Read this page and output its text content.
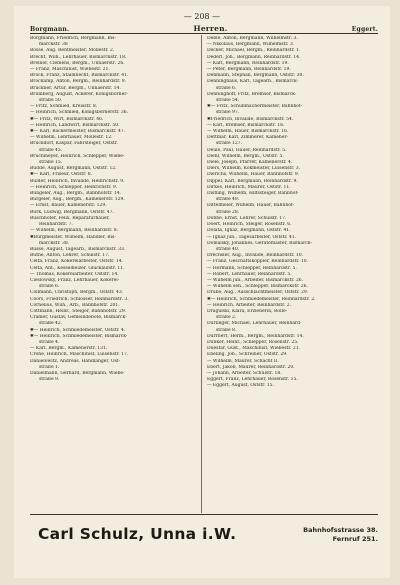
— 208 —
Borgmann.	Herren.	Eggert.
Borgmann, Friedrich, Bergmann, Bis-
marckstr. 38
Bosse, Aug. Rentmeister, Mollestr. 2.
Brecht, Wilh., Lehrhauer, Bismarckstr. 18.
Breiner, Clemens, Bergm., Unnaerstr. 26.
— Franz, Maschinist, Wiebestr. 21.
Brock, Franz, Stallknecht, Bismarckstr. 41.
Brockamp, Anton, Bergm., Reinhardstr. 9.
Brückner, Artur, Bergm., Unnaerstr. 14.
Brumberg, August, Ackerer, Königsborner-
straße 50.
— Fritz, Schmied, Kreisstr. 8.
— Heinrich, Schmied, Königsbornerstr. 36.
✱— Fritz, Wirt, Bismarckstr. 46.
— Heinrich, Landwirt, Bismarckstr. 50.
✱— Karl, Bäckermeister, Bismarckstr. 47.
— Wilhelm, Lehrhauer, Mollestr. 12.
Bruckdorf, Kaspar, Fahrsteiger, Oststr.
straße 45.
Bruchmeyer, Heinrich, Schlepper, Wiebe-
straße 15.
Budde, August, Bergmann, Oststr. 12.
✱— Karl, Friseur, Oststr. 8.
Bülder, Heinrich, Invalide, Heinrichstr. 9.
— Heinrich, Schlepper, Heinrichstr. 9.
Büngeler, Aug., Bergm., Bahnhofstr. 14.
Bürgeler, Aug., Bergm., Kamenerstr. 129.
— Ernst, Bauer, Kamenerstr. 129.
Burk, Ludwig, Bergmann, Oststr. 47.
Buschhöfer, Felix, Reparaturhauer,
Reinhardstr. 7.
— Wilhelm, Bergmann, Reinhardstr. 8.
✱Burgmeister, Wilhelm, Händler, Bis-
marckstr. 38.
Busse, August, Tagearb., Bismarckstr. 33.
Buthe, Anton, Lehrer, Schulstr. 17.
Celta, Franz, Kokereiarbeiter, Oststr. 14.
Celta, Ant., Kesselheizer, Glückaufstr. 11.
— Thomas, Kokereiarbeiter, Oststr. 14.
Cieslowsky, Franz, Lehrhauer, Kokerei-
straße 6.
Collmann, Christoph, Bergm., Oststr. 43.
Coors, Friedrich, Schlosser, Reinhardstr. 3.
Cornelius, Wilh., Arb., Bahnhofstr. 201.
Cottmann, Heinr., Steiger, Bahnhofstr. 29.
Cramer, Gustav, Gemeindebote, Bismarck-
straße 42.
✱— Heinrich, Schmiedemeister, Oststr. 4.
✱— Heinrich, Schmiedemeister, Bismarck-
straße 4.
— Karl, Bergm., Kamenerstr. 131.
Crone, Heinrich, Maschinist, Luisenstr. 17.
Danielowitz, Andreas, Handlanger, Ost-
straße 1.
Danielmann, Gerhard, Bergmann, Wiebe-
straße 9.
Deble, Anton, Bergmann, Wilhelmstr. 3.
— Nikolaus, Bergmann, Wilhelmstr. 3.
Decker, Michael, Bergm., Reinhardstr. 1.
Dederl, Joh., Bergmann, Reinhardstr. 14.
— Karl, Bergmann, Reinhardstr. 19.
— Peter, Bergmann, Reinhardstr. 19.
Dehmann, Stephan, Bergmann, Oststr. 30.
Denninghaus, Karl, Tagearb., Bismarck-
straße 6.
Denninghoff, Fritz, Bremser, Bismarck-
straße 54.
✱— Fritz, Schuhmachermeister, Bahnhof-
straße 97.
✱Friedrich, Invalide, Bismarckstr. 54.
— Karl, Bremser, Bismarckstr. 16.
— Wilhelm, Hauer, Bismarckstr. 16.
Dettmar, Karl, Zimmerer, Kamener-
straße 127.
Deule, Paul, Hauer, Reinhardstr. 5.
Diehl, Wilhelm, Bergm., Oststr. 5.
Diele, Joseph, Pfarrer, Kamenerstr. 4.
Diers, Wilhelm, Kokmeister, Luisenstr. 3.
Dierichs, Wilhelm, Hauer, Bahnhofstr. 9.
Dippel, Karl, Bergmann, Reinhardstr. 9.
Dirkes, Heinrich, Maurer, Oststr. 11.
Disfling, Wilhelm, Hilfssteiger, Bahnhof-
straße 49.
Dittelmeier, Wilhelm, Hauer, Bahnhof-
straße 28.
Dobbe, Ernst, Lehrer, Schulstr. 17.
Doert, Heinrich, Steiger, Rosenstr. 6.
Dolata, Ignaz, Bergmann, Oststr. 41.
— Ignaz jun., Tagesarbeiter, Oststr. 41.
Domalsky, Johannes, Gerätemaster, Bismarck-
straße 40.
Drechsler, Aug., Invalide, Reinhardstr. 10.
— Franz, Geschäftskoppler, Reinhardstr. 10.
— Hermann, Schlepper, Reinhardstr. 5.
— Robert, Lehrhauer, Reinhardstr. 5.
— Wilhelm jun., Arbeiter, Bismarckstr. 26.
— Wilhelm sen., Schlepper, Bismarckstr. 26.
Drube, Aug., Ausschlachtmeister, Oststr. 29.
✱— Heinrich, Schmiedemeister, Reinhardstr. 2.
— Heinrich, Arbeiter, Reinhardstr. 2.
Dragulski, Klara, Erzieherin, Rolle-
straße 2.
Dürlinger, Michael, Lehrhauer, Reinhard-
straße 8.
Dürrnert, Herm., Bergm., Reinhardstr. 14.
Dünker, Heinr., Schlepper, Rosenstr. 25.
Duesfar, Gust., Maschinist, Wiebestr. 21.
Ebeling, Joh., Schreiner, Oststr. 29.
— Wilhelm, Maurer, Schacht II.
Ebert, Jakob, Maurer, Reinhardstr. 20.
— Johann, Arbeiter, Schulstr. 18.
Eggert, Franz, Lehrhauer, Rosenstr. 15.
— Eggert, August, Oststr. 15.
Carl Schulz, Unna i.W.	Bahnhofsstrasse 38.
Fernruf 251.
